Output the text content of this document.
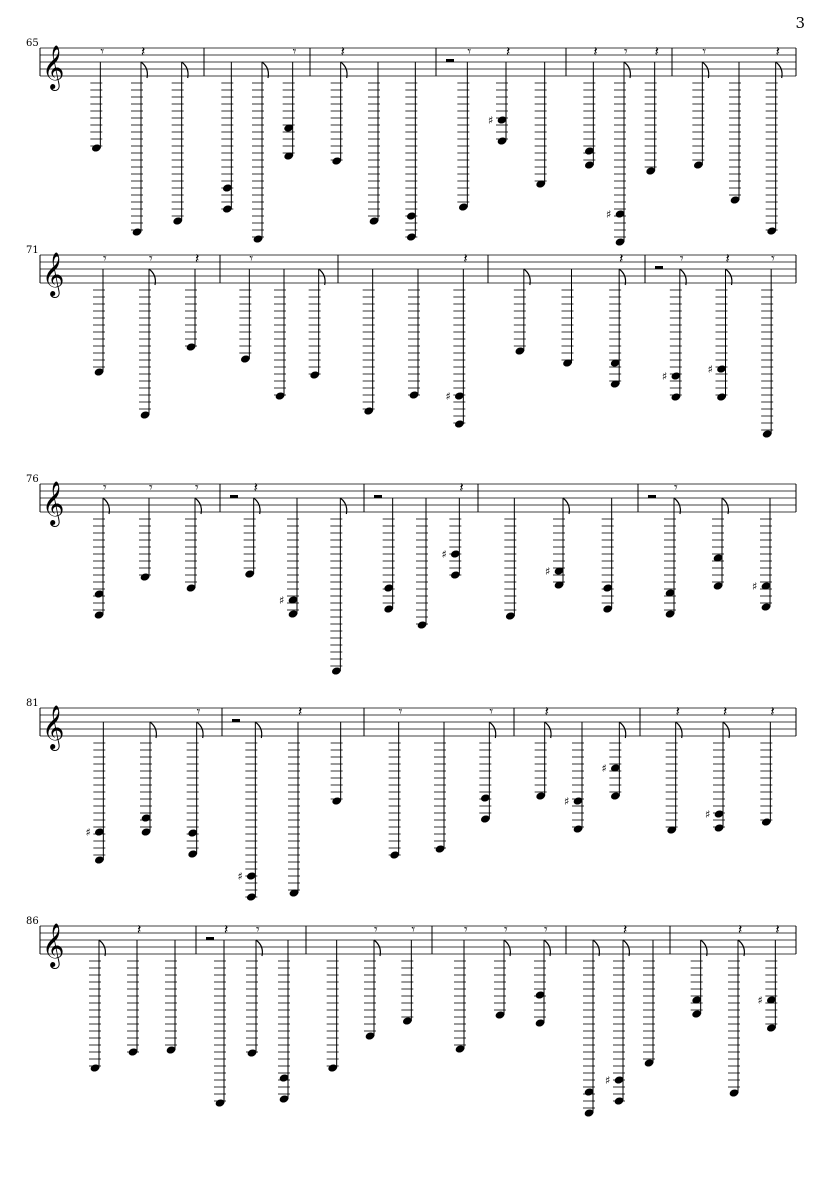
3
𝄞	𝄾	𝄽	𝄾	𝄽	𝄾 𝄽
♯
𝄽 𝄾
♯
𝄽	𝄾	𝄽
𝄞	𝄾	𝄾	𝄽	𝄾	𝄽
♯
𝄽	𝄾
♯
𝄽
♯
𝄾
𝄞	𝄾	𝄾	𝄾	𝄽
♯
𝄽
♯
♯
𝄾
♯
𝄞
♯
𝄾
♯
𝄽	𝄾	𝄾	𝄽
♯
♯
𝄽	𝄽
♯
𝄽
𝄞	𝄽	𝄽 𝄾	𝄾 𝄾	𝄾	𝄾	𝄾	𝄽
♯
𝄽 𝄽
♯
65
71
76
81
86
